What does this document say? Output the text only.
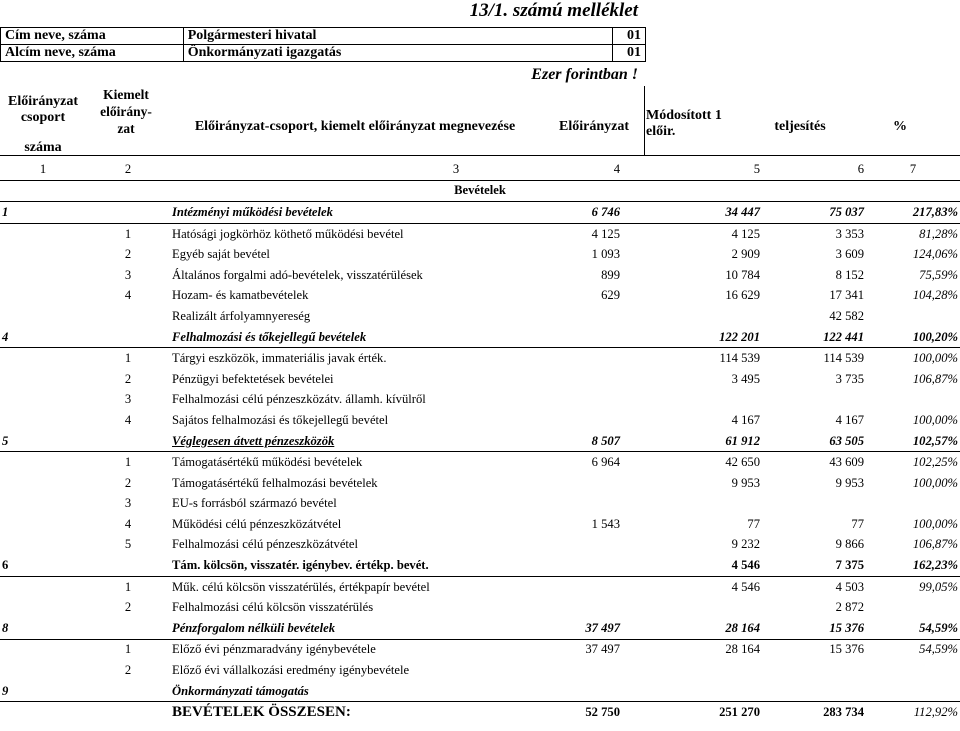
13/1. számú melléklet
Cím neve, száma	Polgármesteri hivatal	01
Alcím neve, száma	Önkormányzati igazgatás	01
Ezer forintban !
Előirányzat
csoport

száma
Kiemelt
előirány-
zat	Előirányzat-csoport, kiemelt előirányzat megnevezése	Előirányzat
Módosított 1
előir.	teljesítés	%
1	2	3	4	5	6	7
Bevételek						
1		Intézményi működési bevételek	6 746	34 447	75 037	217,83%
	1	Hatósági jogkörhöz köthető működési bevétel	4 125	4 125	3 353	81,28%
	2	Egyéb saját bevétel	1 093	2 909	3 609	124,06%
	3	Általános forgalmi adó-bevételek, visszatérülések	899	10 784	8 152	75,59%
	4	Hozam- és kamatbevételek	629	16 629	17 341	104,28%
		Realizált árfolyamnyereség			42 582	
4		Felhalmozási és tőkejellegű bevételek		122 201	122 441	100,20%
	1	Tárgyi eszközök, immateriális javak érték.		114 539	114 539	100,00%
	2	Pénzügyi befektetések bevételei		3 495	3 735	106,87%
	3	Felhalmozási célú pénzeszközátv. államh. kívülről				
	4	Sajátos felhalmozási és tőkejellegű bevétel		4 167	4 167	100,00%
5		Véglegesen átvett pénzeszközök	8 507	61 912	63 505	102,57%
	1	Támogatásértékű működési bevételek	6 964	42 650	43 609	102,25%
	2	Támogatásértékű felhalmozási bevételek		9 953	9 953	100,00%
	3	EU-s forrásból származó bevétel				
	4	Működési célú pénzeszközátvétel	1 543	77	77	100,00%
	5	Felhalmozási célú pénzeszközátvétel		9 232	9 866	106,87%
6		Tám. kölcsön, visszatér. igénybev. értékp. bevét.		4 546	7 375	162,23%
	1	Műk. célú kölcsön visszatérülés, értékpapír bevétel		4 546	4 503	99,05%
	2	Felhalmozási célú kölcsön visszatérülés			2 872	
8		Pénzforgalom nélküli bevételek	37 497	28 164	15 376	54,59%
	1	Előző évi pénzmaradvány igénybevétele	37 497	28 164	15 376	54,59%
	2	Előző évi vállalkozási eredmény igénybevétele				
9		Önkormányzati támogatás				
		BEVÉTELEK ÖSSZESEN:	52 750	251 270	283 734	112,92%
